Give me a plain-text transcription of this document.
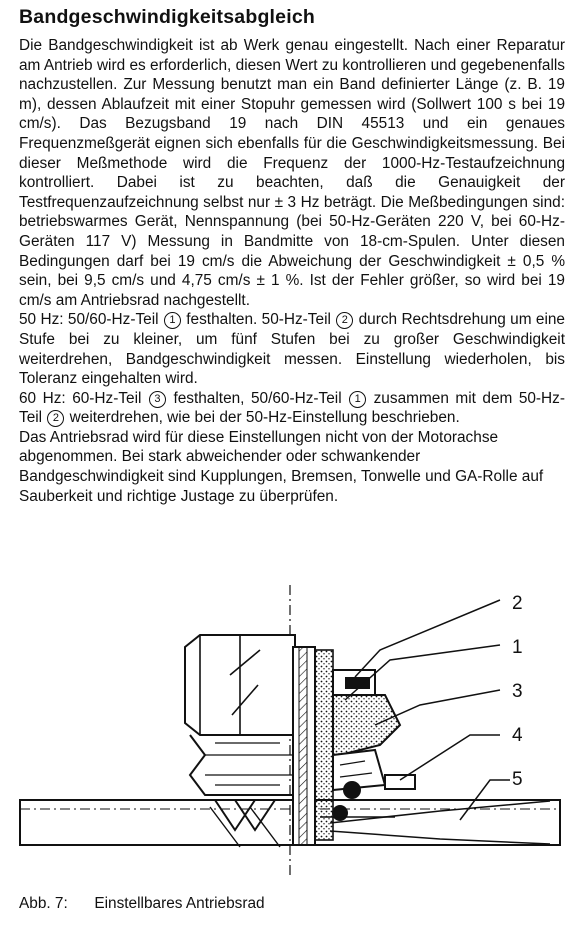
Bandgeschwindigkeitsabgleich

Die Bandgeschwindigkeit ist ab Werk genau eingestellt. Nach einer Reparatur am Antrieb wird es erforderlich, diesen Wert zu kontrollieren und gegebenenfalls nachzustellen. Zur Messung benutzt man ein Band definierter Länge (z. B. 19 m), dessen Ablaufzeit mit einer Stopuhr gemessen wird (Sollwert 100 s bei 19 cm/s). Das Bezugsband 19 nach DIN 45513 und ein genaues Frequenzmeßgerät eignen sich ebenfalls für die Geschwindigkeitsmessung. Bei dieser Meßmethode wird die Frequenz der 1000-Hz-Testaufzeichnung kontrolliert. Dabei ist zu beachten, daß die Genauigkeit der Testfrequenzaufzeichnung selbst nur ± 3 Hz beträgt. Die Meßbedingungen sind: betriebswarmes Gerät, Nennspannung (bei 50-Hz-Geräten 220 V, bei 60-Hz-Geräten 117 V) Messung in Bandmitte von 18-cm-Spulen. Unter diesen Bedingungen darf bei 19 cm/s die Abweichung der Geschwindigkeit ± 0,5 % sein, bei 9,5 cm/s und 4,75 cm/s ± 1 %. Ist der Fehler größer, so wird bei 19 cm/s am Antriebsrad nachgestellt.

50 Hz: 50/60-Hz-Teil 1 festhalten. 50-Hz-Teil 2 durch Rechtsdrehung um eine Stufe bei zu kleiner, um fünf Stufen bei zu großer Geschwindigkeit weiterdrehen, Bandgeschwindigkeit messen. Einstellung wiederholen, bis Toleranz eingehalten wird.

60 Hz: 60-Hz-Teil 3 festhalten, 50/60-Hz-Teil 1 zusammen mit dem 50-Hz-Teil 2 weiterdrehen, wie bei der 50-Hz-Einstellung beschrieben.

Das Antriebsrad wird für diese Einstellungen nicht von der Motorachse abgenommen. Bei stark abweichender oder schwankender Bandgeschwindigkeit sind Kupplungen, Bremsen, Tonwelle und GA-Rolle auf Sauberkeit und richtige Justage zu überprüfen.

2
1
3
4
5
Abb. 7: Einstellbares Antriebsrad
